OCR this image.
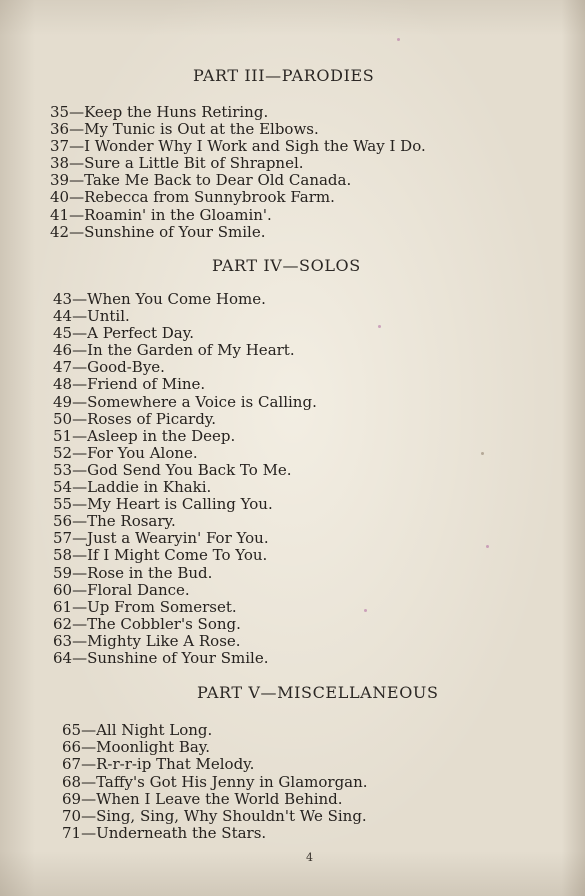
PART III—PARODIES
35—Keep the Huns Retiring.
36—My Tunic is Out at the Elbows.
37—I Wonder Why I Work and Sigh the Way I Do.
38—Sure a Little Bit of Shrapnel.
39—Take Me Back to Dear Old Canada.
40—Rebecca from Sunnybrook Farm.
41—Roamin' in the Gloamin'.
42—Sunshine of Your Smile.
PART IV—SOLOS
43—When You Come Home.
44—Until.
45—A Perfect Day.
46—In the Garden of My Heart.
47—Good-Bye.
48—Friend of Mine.
49—Somewhere a Voice is Calling.
50—Roses of Picardy.
51—Asleep in the Deep.
52—For You Alone.
53—God Send You Back To Me.
54—Laddie in Khaki.
55—My Heart is Calling You.
56—The Rosary.
57—Just a Wearyin' For You.
58—If I Might Come To You.
59—Rose in the Bud.
60—Floral Dance.
61—Up From Somerset.
62—The Cobbler's Song.
63—Mighty Like A Rose.
64—Sunshine of Your Smile.
PART V—MISCELLANEOUS
65—All Night Long.
66—Moonlight Bay.
67—R-r-r-ip That Melody.
68—Taffy's Got His Jenny in Glamorgan.
69—When I Leave the World Behind.
70—Sing, Sing, Why Shouldn't We Sing.
71—Underneath the Stars.
4
